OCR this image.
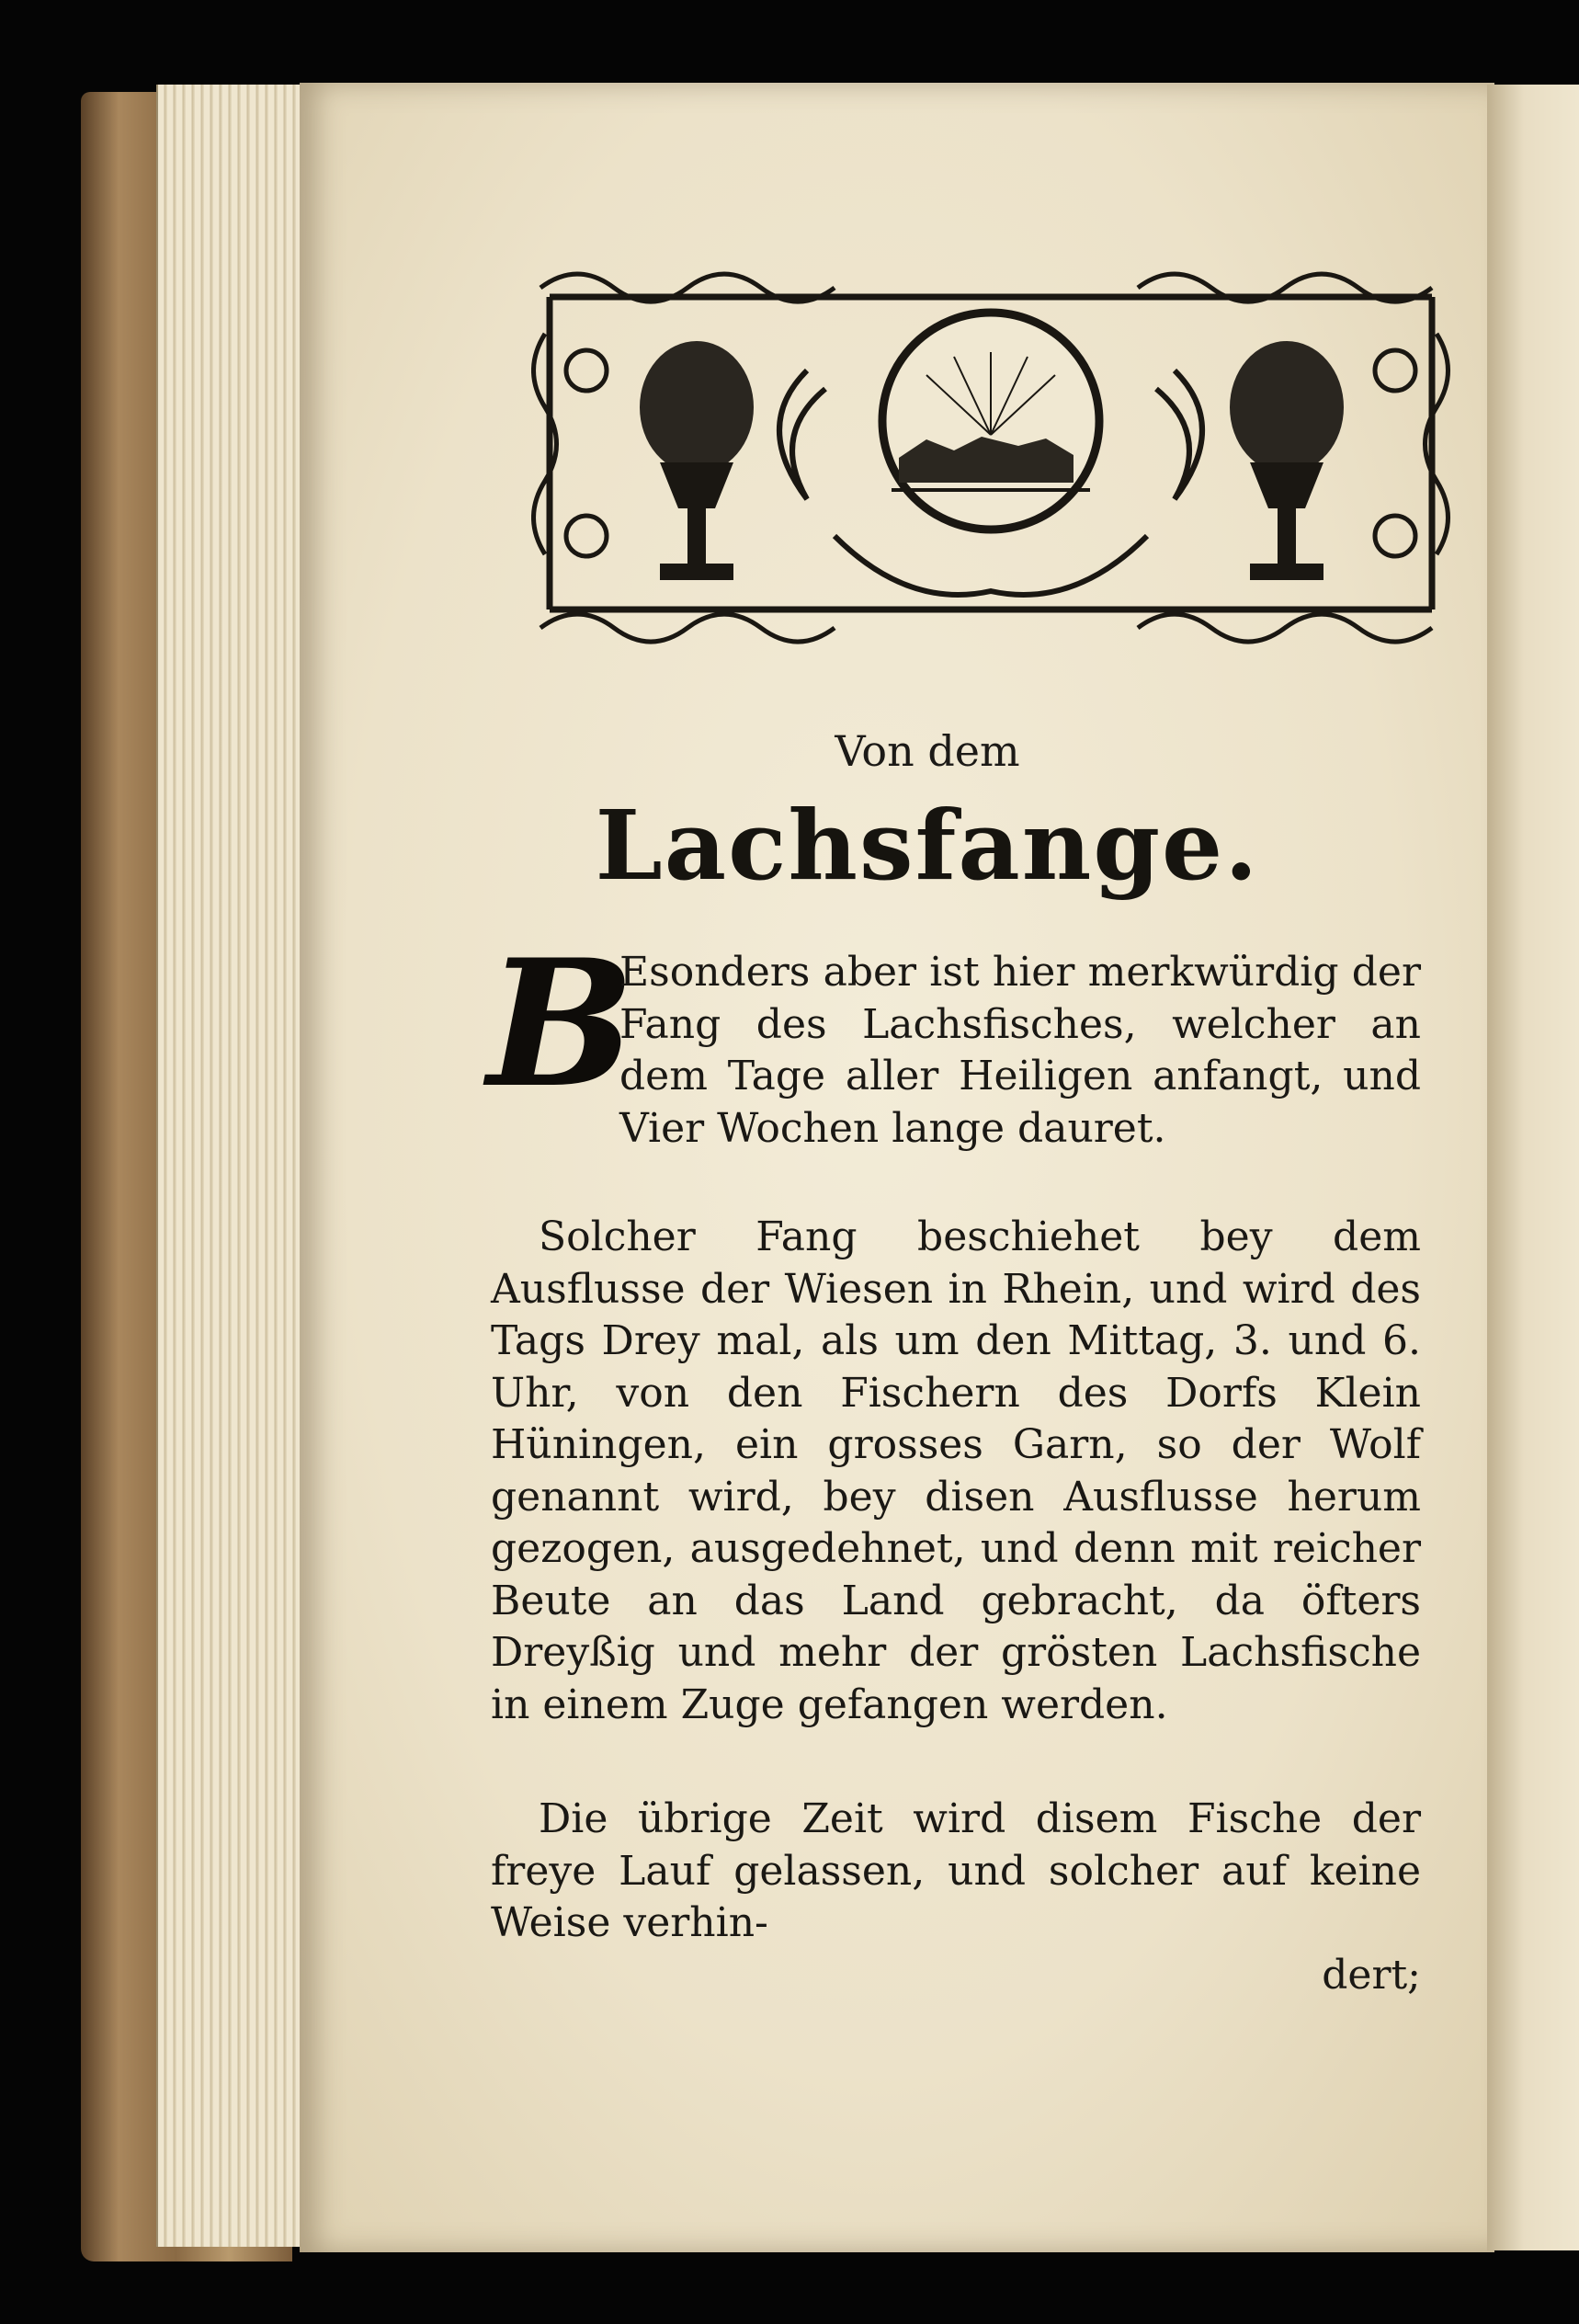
Von dem
Lachsfange.

B
Esonders aber ist hier merkwürdig der Fang des Lachsfisches, welcher an dem Tage aller Heiligen anfangt, und Vier Wochen lange dauret.

Solcher Fang beschiehet bey dem Ausflusse der Wiesen in Rhein, und wird des Tags Drey mal, als um den Mittag, 3. und 6. Uhr, von den Fischern des Dorfs Klein Hüningen, ein grosses Garn, so der Wolf genannt wird, bey disen Ausflusse herum gezogen, ausgedehnet, und denn mit reicher Beute an das Land gebracht, da öfters Dreyßig und mehr der grösten Lachsfische in einem Zuge gefangen werden.

Die übrige Zeit wird disem Fische der freye Lauf gelassen, und solcher auf keine Weise verhin-

dert;
